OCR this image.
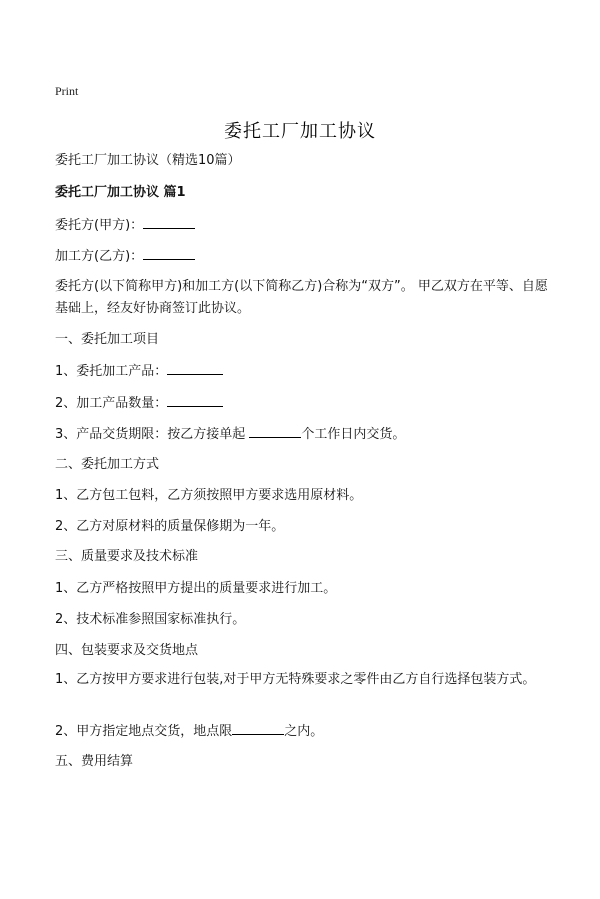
Print
委托工厂加工协议
委托工厂加工协议（精选10篇）
委托工厂加工协议 篇1
委托方(甲方)：
加工方(乙方)：
委托方(以下简称甲方)和加工方(以下简称乙方)合称为“双方”。 甲乙双方在平等、自愿基础上，经友好协商签订此协议。
一、委托加工项目
1、委托加工产品：
2、加工产品数量：
3、产品交货期限：按乙方接单起	个工作日内交货。
二、委托加工方式
1、乙方包工包料，乙方须按照甲方要求选用原材料。
2、乙方对原材料的质量保修期为一年。
三、质量要求及技术标准
1、乙方严格按照甲方提出的质量要求进行加工。
2、技术标准参照国家标准执行。
四、包装要求及交货地点
1、乙方按甲方要求进行包装,对于甲方无特殊要求之零件由乙方自行选择包装方式。
2、甲方指定地点交货，地点限	之内。
五、费用结算
